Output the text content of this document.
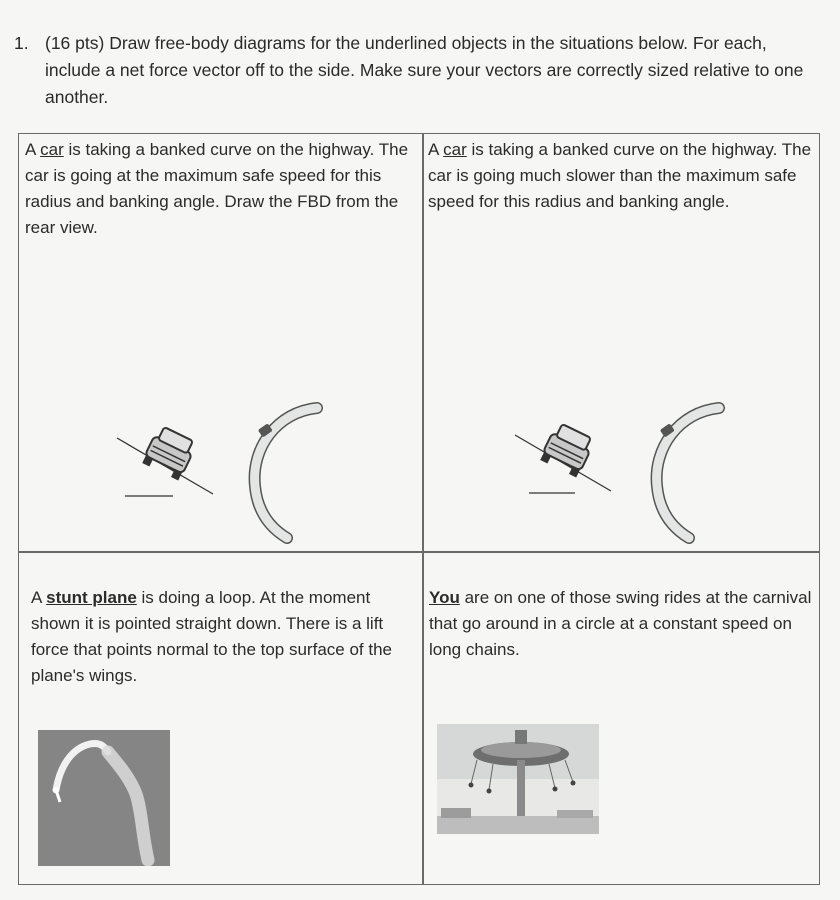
1. (16 pts) Draw free-body diagrams for the underlined objects in the situations below. For each, include a net force vector off to the side. Make sure your vectors are correctly sized relative to one another.
A car is taking a banked curve on the highway. The car is going at the maximum safe speed for this radius and banking angle. Draw the FBD from the rear view.
A car is taking a banked curve on the highway. The car is going much slower than the maximum safe speed for this radius and banking angle.
A stunt plane is doing a loop. At the moment shown it is pointed straight down. There is a lift force that points normal to the top surface of the plane's wings.
You are on one of those swing rides at the carnival that go around in a circle at a constant speed on long chains.
